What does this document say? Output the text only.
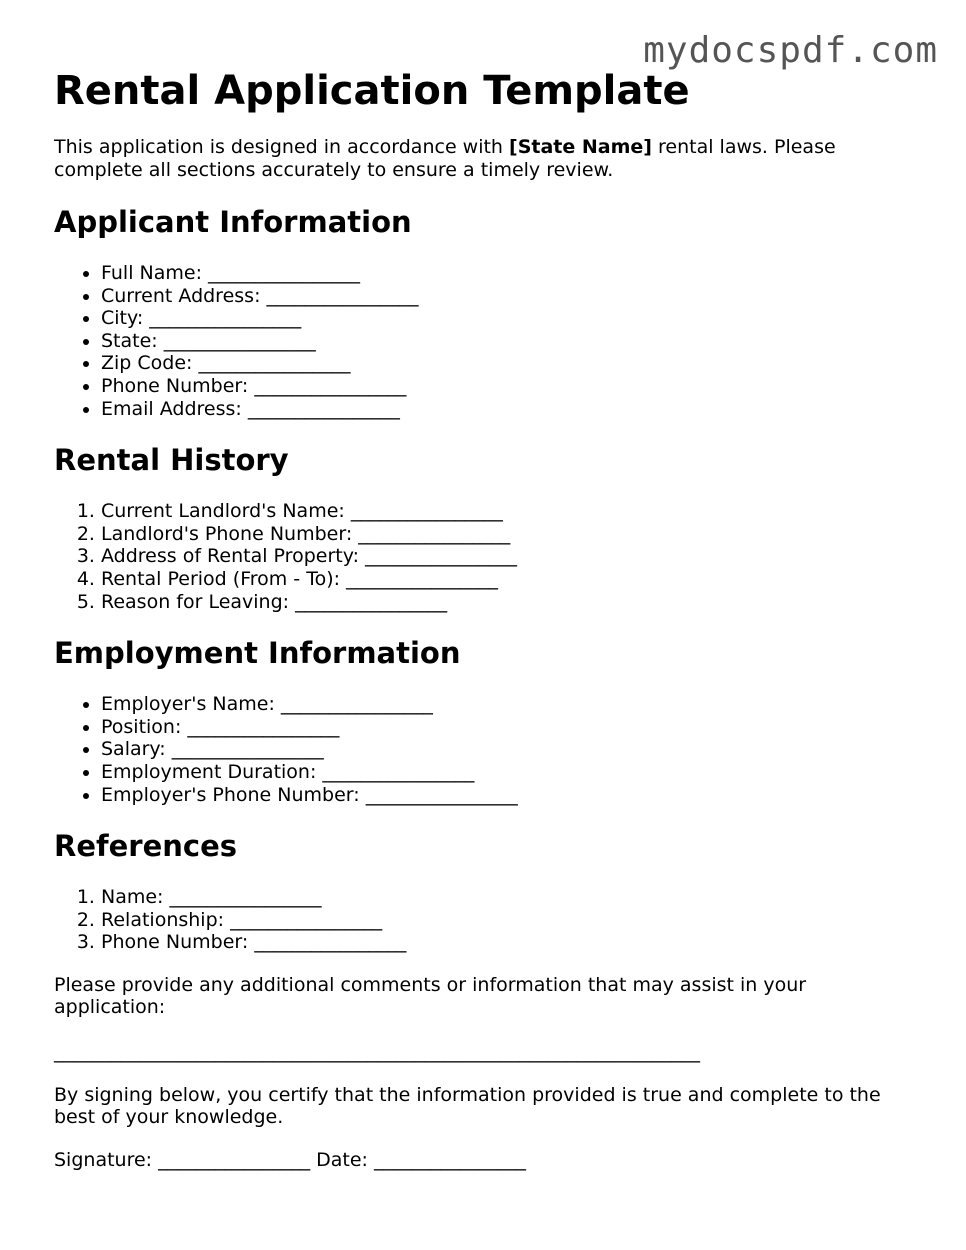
mydocspdf.com
Rental Application Template

This application is designed in accordance with [State Name] rental laws. Please complete all sections accurately to ensure a timely review.

Applicant Information
• Full Name: ________________
• Current Address: ________________
• City: ________________
• State: ________________
• Zip Code: ________________
• Phone Number: ________________
• Email Address: ________________
Rental History
1. Current Landlord's Name: ________________
2. Landlord's Phone Number: ________________
3. Address of Rental Property: ________________
4. Rental Period (From - To): ________________
5. Reason for Leaving: ________________
Employment Information
• Employer's Name: ________________
• Position: ________________
• Salary: ________________
• Employment Duration: ________________
• Employer's Phone Number: ________________
References
1. Name: ________________
2. Relationship: ________________
3. Phone Number: ________________

Please provide any additional comments or information that may assist in your application:

____________________________________________________________________

By signing below, you certify that the information provided is true and complete to the best of your knowledge.

Signature: ________________ Date: ________________
